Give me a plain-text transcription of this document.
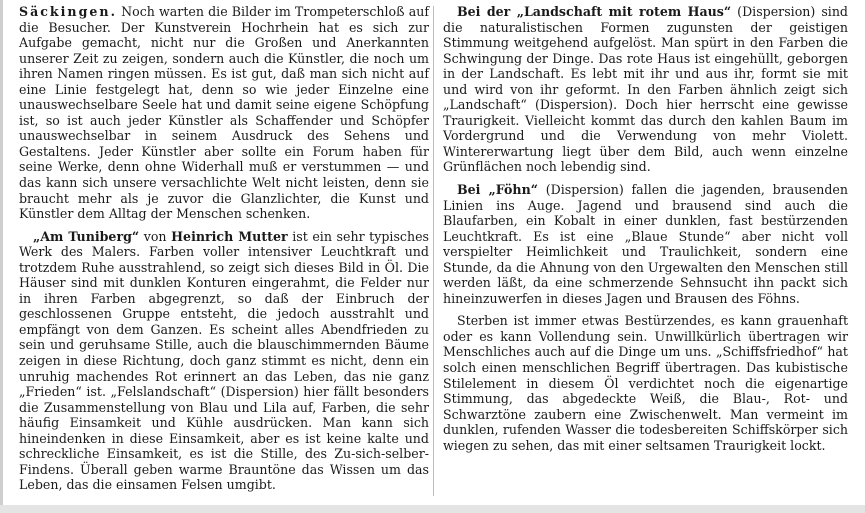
Säckingen. Noch warten die Bilder im Trompeterschloß auf die Besucher. Der Kunstverein Hochrhein hat es sich zur Aufgabe gemacht, nicht nur die Großen und Anerkannten unserer Zeit zu zeigen, sondern auch die Künstler, die noch um ihren Namen ringen müssen. Es ist gut, daß man sich nicht auf eine Linie festgelegt hat, denn so wie jeder Einzelne eine unauswechselbare Seele hat und damit seine eigene Schöpfung ist, so ist auch jeder Künstler als Schaffender und Schöpfer unauswechselbar in seinem Ausdruck des Sehens und Gestaltens. Jeder Künstler aber sollte ein Forum haben für seine Werke, denn ohne Widerhall muß er verstummen — und das kann sich unsere versachlichte Welt nicht leisten, denn sie braucht mehr als je zuvor die Glanzlichter, die Kunst und Künstler dem Alltag der Menschen schenken.

„Am Tuniberg“ von Heinrich Mutter ist ein sehr typisches Werk des Malers. Farben voller intensiver Leuchtkraft und trotzdem Ruhe ausstrahlend, so zeigt sich dieses Bild in Öl. Die Häuser sind mit dunklen Konturen eingerahmt, die Felder nur in ihren Farben abgegrenzt, so daß der Einbruch der geschlossenen Gruppe entsteht, die jedoch ausstrahlt und empfängt von dem Ganzen. Es scheint alles Abendfrieden zu sein und geruhsame Stille, auch die blauschimmernden Bäume zeigen in diese Richtung, doch ganz stimmt es nicht, denn ein unruhig machendes Rot erinnert an das Leben, das nie ganz „Frieden“ ist. „Felslandschaft“ (Dispersion) hier fällt besonders die Zusammenstellung von Blau und Lila auf, Farben, die sehr häufig Einsamkeit und Kühle ausdrücken. Man kann sich hineindenken in diese Einsamkeit, aber es ist keine kalte und schreckliche Einsamkeit, es ist die Stille, des Zu-sich-selber-Findens. Überall geben warme Brauntöne das Wissen um das Leben, das die einsamen Felsen umgibt.

Bei der „Landschaft mit rotem Haus“ (Dispersion) sind die naturalistischen Formen zugunsten der geistigen Stimmung weitgehend aufgelöst. Man spürt in den Farben die Schwingung der Dinge. Das rote Haus ist eingehüllt, geborgen in der Landschaft. Es lebt mit ihr und aus ihr, formt sie mit und wird von ihr geformt. In den Farben ähnlich zeigt sich „Landschaft“ (Dispersion). Doch hier herrscht eine gewisse Traurigkeit. Vielleicht kommt das durch den kahlen Baum im Vordergrund und die Verwendung von mehr Violett. Wintererwartung liegt über dem Bild, auch wenn einzelne Grünflächen noch lebendig sind.

Bei „Föhn“ (Dispersion) fallen die jagenden, brausenden Linien ins Auge. Jagend und brausend sind auch die Blaufarben, ein Kobalt in einer dunklen, fast bestürzenden Leuchtkraft. Es ist eine „Blaue Stunde“ aber nicht voll verspielter Heimlichkeit und Traulichkeit, sondern eine Stunde, da die Ahnung von den Urgewalten den Menschen still werden läßt, da eine schmerzende Sehnsucht ihn packt sich hineinzuwerfen in dieses Jagen und Brausen des Föhns.

Sterben ist immer etwas Bestürzendes, es kann grauenhaft oder es kann Vollendung sein. Unwillkürlich übertragen wir Menschliches auch auf die Dinge um uns. „Schiffsfriedhof“ hat solch einen menschlichen Begriff übertragen. Das kubistische Stilelement in diesem Öl verdichtet noch die eigenartige Stimmung, das abgedeckte Weiß, die Blau-, Rot- und Schwarztöne zaubern eine Zwischenwelt. Man vermeint im dunklen, rufenden Wasser die todesbereiten Schiffskörper sich wiegen zu sehen, das mit einer seltsamen Traurigkeit lockt.
